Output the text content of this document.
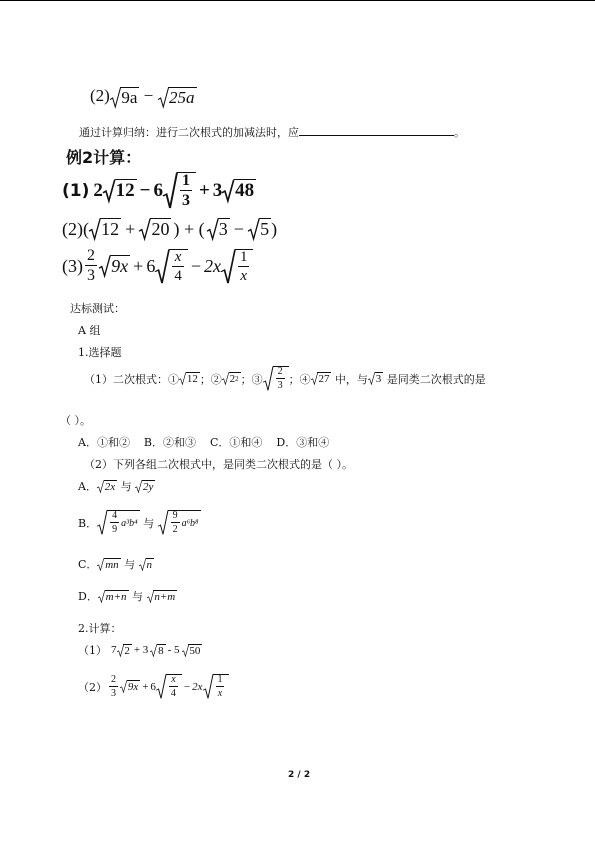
(2) 9a − 25a
通过计算归纳：进行二次根式的加减法时，应	。
例2计算：
(1) 2 $12 - 6 \frac{1}{3} + 3$ 48
(2) ( 12 + 20 ) + ( 3 − 5 )
$(3) \frac{2}{3} 9x + 6 \frac{x}{4} - 2x \frac{1}{x}$
达标测试：
A 组
1.选择题
（1）二次根式：① 12 ；② 2 2 ；③ $\frac{2}{3}$ ；④ 27 中，与 3 是同类二次根式的是
（ ）。
A．①和②    B．②和③    C．①和④    D．③和④
（2）下列各组二次根式中，是同类二次根式的是（ ）。
A． 2x 与 2y
B． $\frac{4}{9} a^3b^4$ 与 $\frac{9}{2} a^6b^8$
C． mn 与 n
D． m+n 与 n+m
2.计算：
（1） 7 2 + 3 8 - 5 50
$(2) \frac{2}{3} 9x + 6 \frac{x}{4} - 2x \frac{1}{x}$
2 / 2
